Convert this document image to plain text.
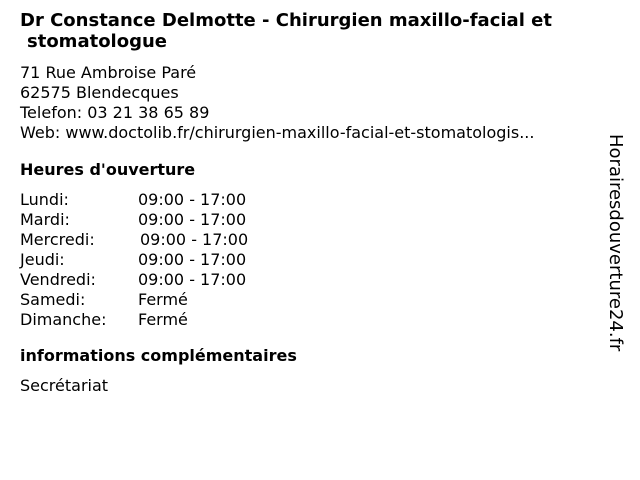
Dr Constance Delmotte - Chirurgien maxillo-facial et
stomatologue
71 Rue Ambroise Paré
62575 Blendecques
Telefon: 03 21 38 65 89
Web: www.doctolib.fr/chirurgien-maxillo-facial-et-stomatologis...
Heures d'ouverture
Lundi:	09:00 - 17:00
Mardi:	09:00 - 17:00
Mercredi:	09:00 - 17:00
Jeudi:	09:00 - 17:00
Vendredi:	09:00 - 17:00
Samedi:	Fermé
Dimanche: Fermé
informations complémentaires
Secrétariat
Horairesdouverture24.fr
